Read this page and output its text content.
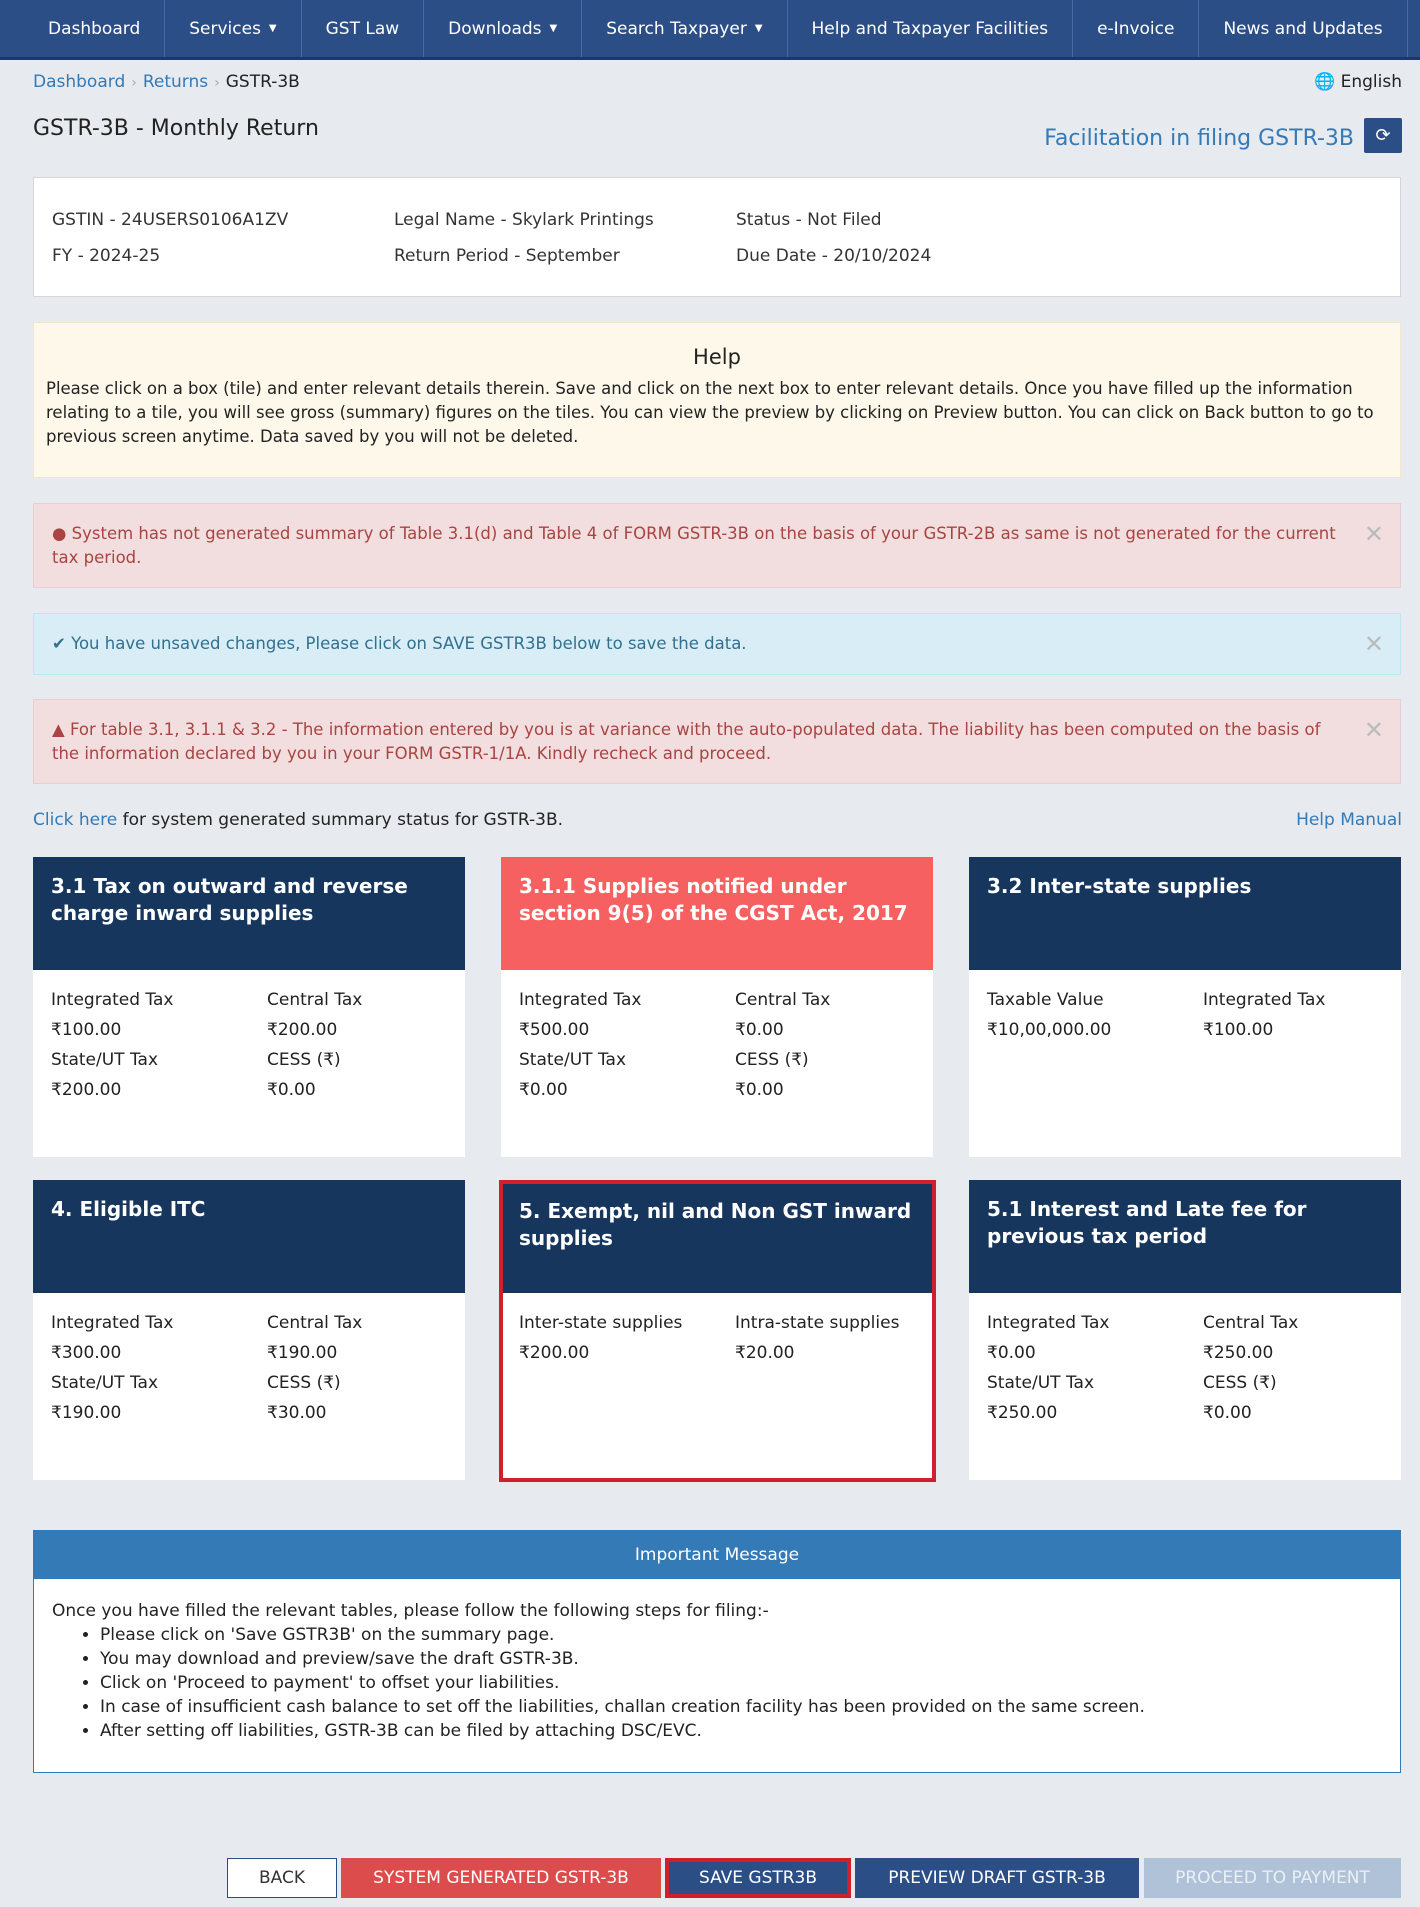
Dashboard	Services ▼	GST Law	Downloads ▼	Search Taxpayer ▼	Help and Taxpayer Facilities	e-Invoice	News and Updates
Dashboard › Returns › GSTR-3B	🌐 English
GSTR-3B - Monthly Return	Facilitation in filing GSTR-3B ⟳
GSTIN - 24USERS0106A1ZV	Legal Name - Skylark Printings	Status - Not Filed
FY - 2024-25	Return Period - September	Due Date - 20/10/2024
Help
Please click on a box (tile) and enter relevant details therein. Save and click on the next box to enter relevant details. Once you have filled up the information relating to a tile, you will see gross (summary) figures on the tiles. You can view the preview by clicking on Preview button. You can click on Back button to go to previous screen anytime. Data saved by you will not be deleted.
● System has not generated summary of Table 3.1(d) and Table 4 of FORM GSTR-3B on the basis of your GSTR-2B as same is not generated for the current tax period.
✕
✔ You have unsaved changes, Please click on SAVE GSTR3B below to save the data.	✕
▲ For table 3.1, 3.1.1 & 3.2 - The information entered by you is at variance with the auto-populated data. The liability has been computed on the basis of the information declared by you in your FORM GSTR-1/1A. Kindly recheck and proceed.
✕
Click here for system generated summary status for GSTR-3B.	Help Manual
3.1 Tax on outward and reverse charge inward supplies
Integrated Tax	Central Tax
₹100.00	₹200.00
State/UT Tax	CESS (₹)
₹200.00	₹0.00
3.1.1 Supplies notified under section 9(5) of the CGST Act, 2017
Integrated Tax	Central Tax
₹500.00	₹0.00
State/UT Tax	CESS (₹)
₹0.00	₹0.00
3.2 Inter-state supplies
Taxable Value	Integrated Tax
₹10,00,000.00	₹100.00
4. Eligible ITC
Integrated Tax	Central Tax
₹300.00	₹190.00
State/UT Tax	CESS (₹)
₹190.00	₹30.00
5. Exempt, nil and Non GST inward supplies
Inter-state supplies	Intra-state supplies
₹200.00	₹20.00
5.1 Interest and Late fee for previous tax period
Integrated Tax	Central Tax
₹0.00	₹250.00
State/UT Tax	CESS (₹)
₹250.00	₹0.00
Important Message
Once you have filled the relevant tables, please follow the following steps for filing:-
• Please click on 'Save GSTR3B' on the summary page.
• You may download and preview/save the draft GSTR-3B.
• Click on 'Proceed to payment' to offset your liabilities.
• In case of insufficient cash balance to set off the liabilities, challan creation facility has been provided on the same screen.
• After setting off liabilities, GSTR-3B can be filed by attaching DSC/EVC.
BACK	SYSTEM GENERATED GSTR-3B	SAVE GSTR3B	PREVIEW DRAFT GSTR-3B	PROCEED TO PAYMENT
